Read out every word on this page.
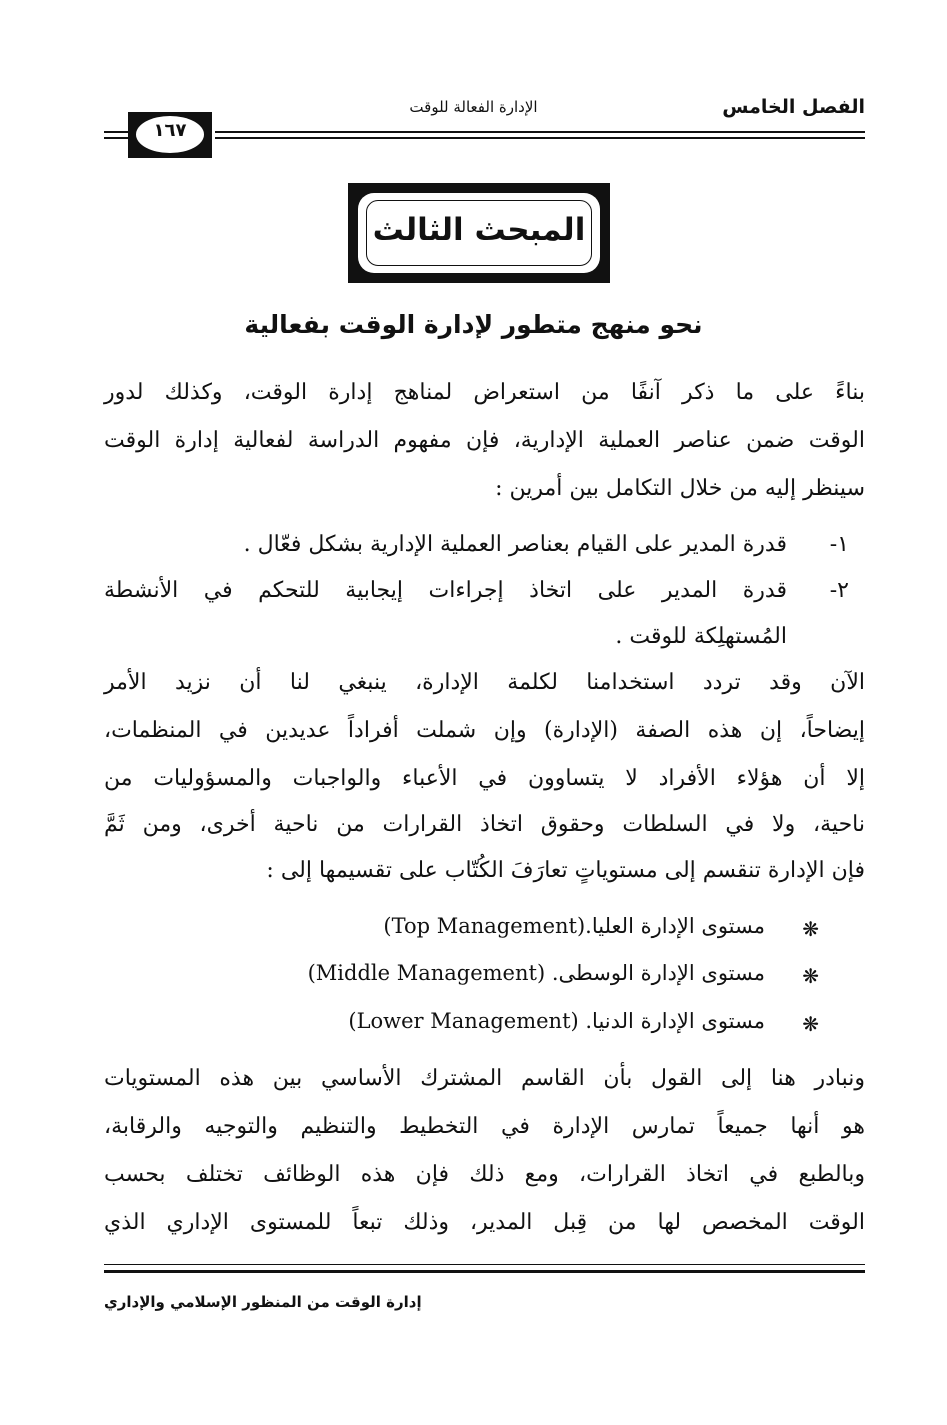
الفصل الخامس
الإدارة الفعالة للوقت
١٦٧
المبحث الثالث
نحو منهج متطور لإدارة الوقت بفعالية
بناءً على ما ذكر آنفًا من استعراض لمناهج إدارة الوقت، وكذلك لدور
الوقت ضمن عناصر العملية الإدارية، فإن مفهوم الدراسة لفعالية إدارة الوقت
سينظر إليه من خلال التكامل بين أمرين :
١-
قدرة المدير على القيام بعناصر العملية الإدارية بشكل فعّال .
٢-
قدرة المدير على اتخاذ إجراءات إيجابية للتحكم في الأنشطة
المُستهلِكة للوقت .
الآن وقد تردد استخدامنا لكلمة الإدارة، ينبغي لنا أن نزيد الأمر
إيضاحاً، إن هذه الصفة (الإدارة) وإن شملت أفراداً عديدين في المنظمات،
إلا أن هؤلاء الأفراد لا يتساوون في الأعباء والواجبات والمسؤوليات من
ناحية، ولا في السلطات وحقوق اتخاذ القرارات من ناحية أخرى، ومن ثَمَّ
فإن الإدارة تنقسم إلى مستوياتٍ تعارَفَ الكُتّاب على تقسيمها إلى :
❋
مستوى الإدارة العليا.(Top Management)
❋
مستوى الإدارة الوسطى. (Middle Management)
❋
مستوى الإدارة الدنيا. (Lower Management)
ونبادر هنا إلى القول بأن القاسم المشترك الأساسي بين هذه المستويات
هو أنها جميعاً تمارس الإدارة في التخطيط والتنظيم والتوجيه والرقابة،
وبالطبع في اتخاذ القرارات، ومع ذلك فإن هذه الوظائف تختلف بحسب
الوقت المخصص لها من قِبل المدير، وذلك تبعاً للمستوى الإداري الذي
إدارة الوقت من المنظور الإسلامي والإداري
